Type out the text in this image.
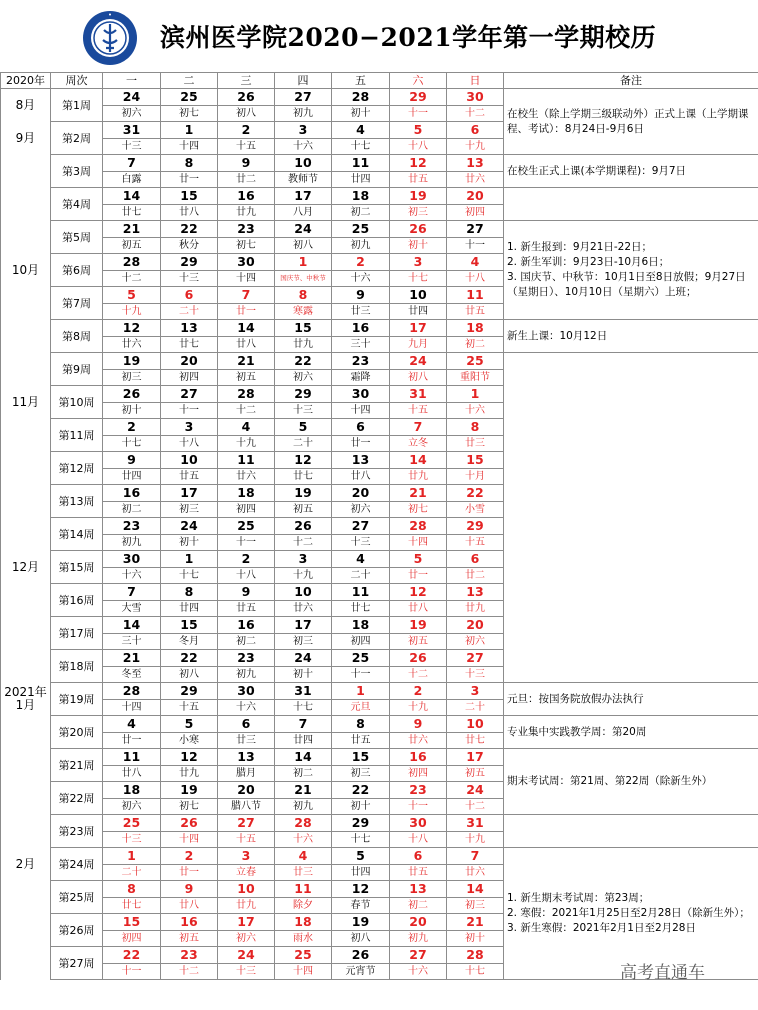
滨州医学院2020−2021学年第一学期校历
2020年	周次	一	二	三	四	五	六	日	备注
8月	第1周	24	25	26	27	28	29	30	在校生（除上学期三级联动外）正式上课（上学期课程、考试）：8月24日-9月6日
		初六	初七	初八	初九	初十	十一	十二	
9月	第2周	31	1	2	3	4	5	6	
		十三	十四	十五	十六	十七	十八	十九	
	第3周	7	8	9	10	11	12	13	在校生正式上课(本学期课程)：9月7日
		白露	廿一	廿二	教师节	廿四	廿五	廿六	
	第4周	14	15	16	17	18	19	20	
		廿七	廿八	廿九	八月	初二	初三	初四	
	第5周	21	22	23	24	25	26	27	1. 新生报到：9月21日-22日；
2. 新生军训：9月23日-10月6日；
3. 国庆节、中秋节：10月1日至8日放假；9月27日（星期日）、10月10日（星期六）上班；
		初五	秋分	初七	初八	初九	初十	十一	
10月	第6周	28	29	30	1	2	3	4	
		十二	十三	十四	国庆节、中秋节	十六	十七	十八	
	第7周	5	6	7	8	9	10	11	
		十九	二十	廿一	寒露	廿三	廿四	廿五	
	第8周	12	13	14	15	16	17	18	新生上课：10月12日
		廿六	廿七	廿八	廿九	三十	九月	初二	
	第9周	19	20	21	22	23	24	25	
		初三	初四	初五	初六	霜降	初八	重阳节	
11月	第10周	26	27	28	29	30	31	1	
		初十	十一	十二	十三	十四	十五	十六	
	第11周	2	3	4	5	6	7	8	
		十七	十八	十九	二十	廿一	立冬	廿三	
	第12周	9	10	11	12	13	14	15	
		廿四	廿五	廿六	廿七	廿八	廿九	十月	
	第13周	16	17	18	19	20	21	22	
		初二	初三	初四	初五	初六	初七	小雪	
	第14周	23	24	25	26	27	28	29	
		初九	初十	十一	十二	十三	十四	十五	
12月	第15周	30	1	2	3	4	5	6	
		十六	十七	十八	十九	二十	廿一	廿二	
	第16周	7	8	9	10	11	12	13	
		大雪	廿四	廿五	廿六	廿七	廿八	廿九	
	第17周	14	15	16	17	18	19	20	
		三十	冬月	初二	初三	初四	初五	初六	
	第18周	21	22	23	24	25	26	27	
		冬至	初八	初九	初十	十一	十二	十三	
2021年
1月	第19周	28	29	30	31	1	2	3	元旦：按国务院放假办法执行
		十四	十五	十六	十七	元旦	十九	二十	
	第20周	4	5	6	7	8	9	10	专业集中实践教学周：第20周
		廿一	小寒	廿三	廿四	廿五	廿六	廿七	
	第21周	11	12	13	14	15	16	17	期末考试周：第21周、第22周（除新生外）
		廿八	廿九	腊月	初二	初三	初四	初五	
	第22周	18	19	20	21	22	23	24	
		初六	初七	腊八节	初九	初十	十一	十二	
	第23周	25	26	27	28	29	30	31	
		十三	十四	十五	十六	十七	十八	十九	
2月	第24周	1	2	3	4	5	6	7	1. 新生期末考试周：第23周；
2. 寒假：2021年1月25日至2月28日（除新生外）；
3. 新生寒假：2021年2月1日至2月28日
		二十	廿一	立春	廿三	廿四	廿五	廿六	
	第25周	8	9	10	11	12	13	14	
		廿七	廿八	廿九	除夕	春节	初二	初三	
	第26周	15	16	17	18	19	20	21	
		初四	初五	初六	雨水	初八	初九	初十	
	第27周	22	23	24	25	26	27	28	
		十一	十二	十三	十四	元宵节	十六	十七		高考直通车
